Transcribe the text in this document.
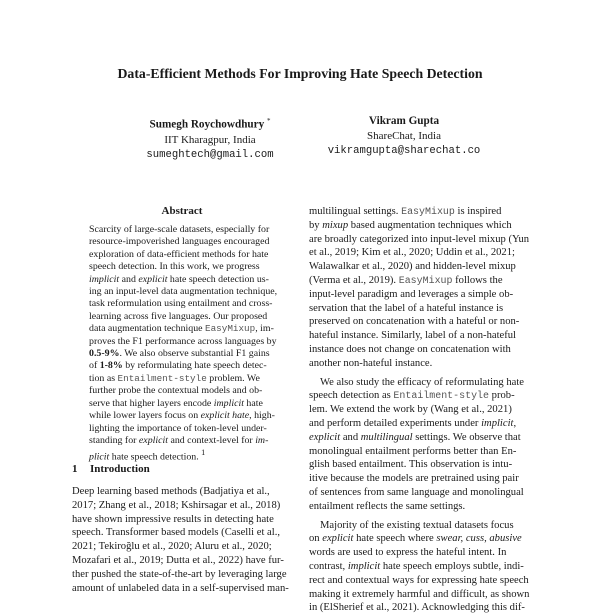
Data-Efficient Methods For Improving Hate Speech Detection
Sumegh Roychowdhury *
IIT Kharagpur, India
sumeghtech@gmail.com
Vikram Gupta
ShareChat, India
vikramgupta@sharechat.co
Abstract
Scarcity of large-scale datasets, especially for
resource-impoverished languages encouraged
exploration of data-efficient methods for hate
speech detection. In this work, we progress
implicit and explicit hate speech detection us-
ing an input-level data augmentation technique,
task reformulation using entailment and cross-
learning across five languages. Our proposed
data augmentation technique EasyMixup, im-
proves the F1 performance across languages by
0.5-9%. We also observe substantial F1 gains
of 1-8% by reformulating hate speech detec-
tion as Entailment-style problem. We
further probe the contextual models and ob-
serve that higher layers encode implicit hate
while lower layers focus on explicit hate, high-
lighting the importance of token-level under-
standing for explicit and context-level for im-
plicit hate speech detection. $^1$
1 Introduction
Deep learning based methods (Badjatiya et al.,
2017; Zhang et al., 2018; Kshirsagar et al., 2018)
have shown impressive results in detecting hate
speech. Transformer based models (Caselli et al.,
2021; Tekiroğlu et al., 2020; Aluru et al., 2020;
Mozafari et al., 2019; Dutta et al., 2022) have fur-
ther pushed the state-of-the-art by leveraging large
amount of unlabeled data in a self-supervised man-
multilingual settings. EasyMixup is inspired
by mixup based augmentation techniques which
are broadly categorized into input-level mixup (Yun
et al., 2019; Kim et al., 2020; Uddin et al., 2021;
Walawalkar et al., 2020) and hidden-level mixup
(Verma et al., 2019). EasyMixup follows the
input-level paradigm and leverages a simple ob-
servation that the label of a hateful instance is
preserved on concatenation with a hateful or non-
hateful instance. Similarly, label of a non-hateful
instance does not change on concatenation with
another non-hateful instance.
We also study the efficacy of reformulating hate
speech detection as Entailment-style prob-
lem. We extend the work by (Wang et al., 2021)
and perform detailed experiments under implicit,
explicit and multilingual settings. We observe that
monolingual entailment performs better than En-
glish based entailment. This observation is intu-
itive because the models are pretrained using pair
of sentences from same language and monolingual
entailment reflects the same settings.
Majority of the existing textual datasets focus
on explicit hate speech where swear, cuss, abusive
words are used to express the hateful intent. In
contrast, implicit hate speech employs subtle, indi-
rect and contextual ways for expressing hate speech
making it extremely harmful and difficult, as shown
in (ElSherief et al., 2021). Acknowledging this dif-
